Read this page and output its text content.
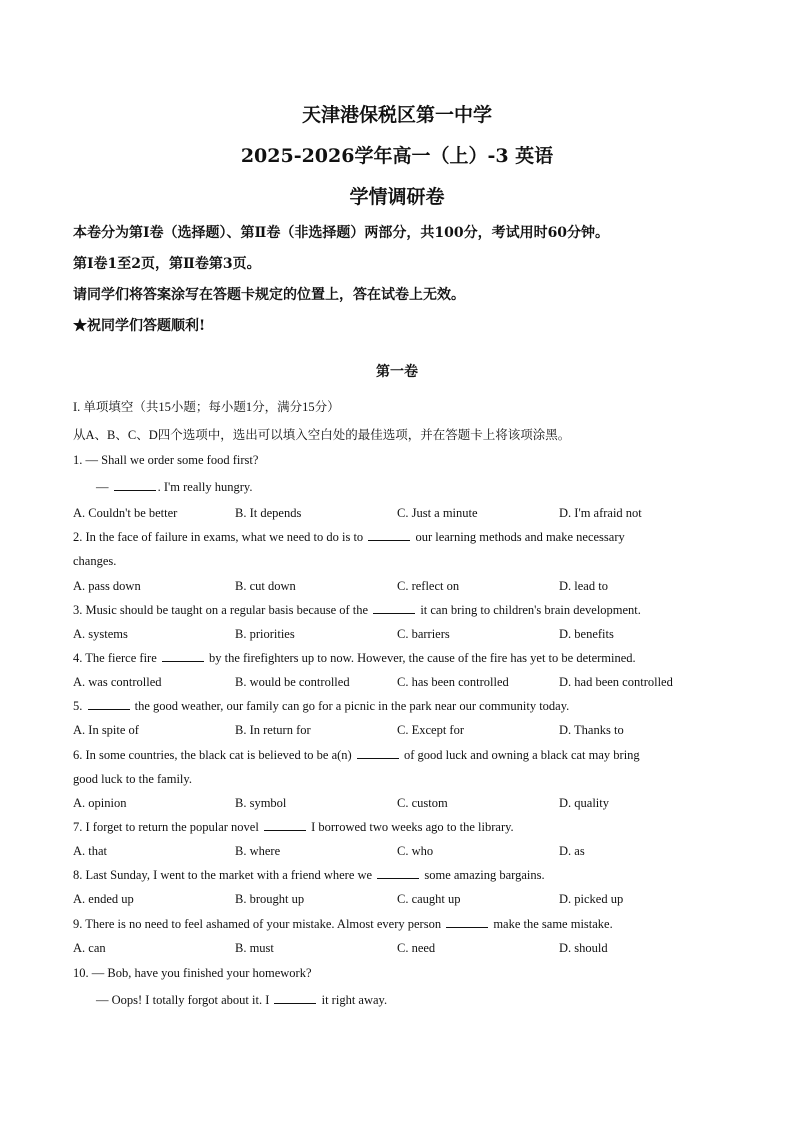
天津港保税区第一中学
2025-2026学年高一（上）-3 英语
学情调研卷
本卷分为第Ⅰ卷（选择题）、第Ⅱ卷（非选择题）两部分，共100分，考试用时60分钟。
第Ⅰ卷1至2页，第Ⅱ卷第3页。
请同学们将答案涂写在答题卡规定的位置上，答在试卷上无效。
★祝同学们答题顺利!
第一卷
I. 单项填空（共15小题；每小题1分，满分15分）
从A、B、C、D四个选项中，选出可以填入空白处的最佳选项，并在答题卡上将该项涂黑。
1. — Shall we order some food first?
—	. I'm really hungry.
A. Couldn't be better	B. It depends	C. Just a minute	D. I'm afraid not
2. In the face of failure in exams, what we need to do is to	our learning methods and make necessary
changes.
A. pass down	B. cut down	C. reflect on	D. lead to
3. Music should be taught on a regular basis because of the	it can bring to children's brain development.
A. systems	B. priorities	C. barriers	D. benefits
4. The fierce fire	by the firefighters up to now. However, the cause of the fire has yet to be determined.
A. was controlled	B. would be controlled	C. has been controlled	D. had been controlled
5.	the good weather, our family can go for a picnic in the park near our community today.
A. In spite of	B. In return for	C. Except for	D. Thanks to
6. In some countries, the black cat is believed to be a(n)	of good luck and owning a black cat may bring
good luck to the family.
A. opinion	B. symbol	C. custom	D. quality
7. I forget to return the popular novel	I borrowed two weeks ago to the library.
A. that	B. where	C. who	D. as
8. Last Sunday, I went to the market with a friend where we	some amazing bargains.
A. ended up	B. brought up	C. caught up	D. picked up
9. There is no need to feel ashamed of your mistake. Almost every person	make the same mistake.
A. can	B. must	C. need	D. should
10. — Bob, have you finished your homework?
— Oops! I totally forgot about it. I	it right away.
